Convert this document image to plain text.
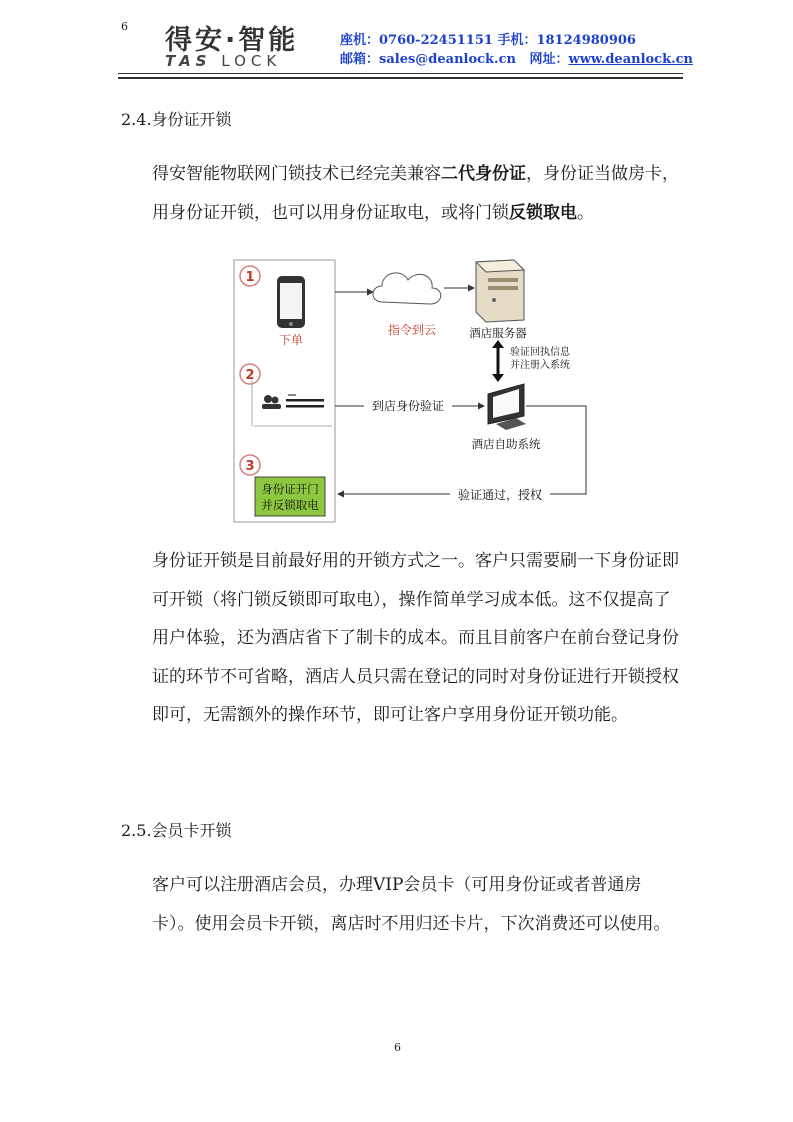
6 得安·智能
TAS LOCK
座机：0760-22451151 手机：18124980906
邮箱：sales@deanlock.cn 网址：www.deanlock.cn
2.4.身份证开锁
得安智能物联网门锁技术已经完美兼容二代身份证，身份证当做房卡，用身份证开锁，也可以用身份证取电，或将门锁反锁取电。
1
2
3
下单
身份证开门
并反锁取电
指令到云	酒店服务器
验证回执信息
并注册入系统
到店身份验证
酒店自助系统
验证通过，授权
身份证开锁是目前最好用的开锁方式之一。客户只需要刷一下身份证即可开锁（将门锁反锁即可取电），操作简单学习成本低。这不仅提高了用户体验，还为酒店省下了制卡的成本。而且目前客户在前台登记身份证的环节不可省略，酒店人员只需在登记的同时对身份证进行开锁授权即可，无需额外的操作环节，即可让客户享用身份证开锁功能。
2.5.会员卡开锁
客户可以注册酒店会员，办理VIP会员卡（可用身份证或者普通房卡）。使用会员卡开锁，离店时不用归还卡片，下次消费还可以使用。
6
